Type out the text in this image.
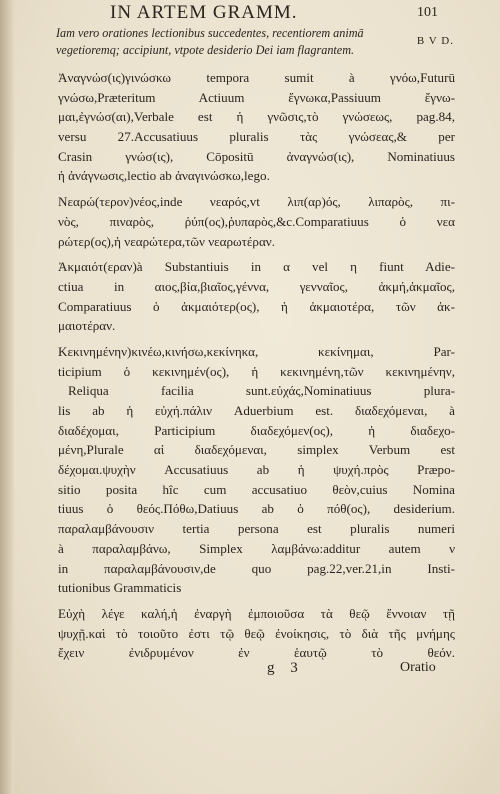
IN ARTEM GRAMM.	101
Iam vero orationes lectionibus succedentes, recentiorem animā
vegetioremq; accipiunt, vtpote desiderio Dei iam flagrantem.
B V D.
Ἀναγνώσ(ις)γινώσκω tempora sumit à γνόω,Futurū
γνώσω,Præteritum Actiuum ἔγνωκα,Passiuum ἔγνω-
μαι,ἐγνώσ(αι),Verbale est ἡ γνῶσις,τὸ γνώσεως, pag.84,
versu 27.Accusatiuus pluralis τὰς γνώσεας,& per
Crasin γνώσ(ις), Cōpositū ἀναγνώσ(ις), Nominatiuus
ἡ ἀνάγνωσις,lectio ab ἀναγινώσκω,lego.
Νεαρώ(τερον)νέος,inde νεαρός,vt λιπ(αρ)ός, λιπαρὸς, πι-
νὸς, πιναρὸς, ῥύπ(ος),ῥυπαρὸς,&c.Comparatiuus ὁ νεα
ρώτερ(ος),ἡ νεαρώτερα,τῶν νεαρωτέραν.
Ἀκμαιότ(εραν)à Substantiuis in α vel η fiunt Adie-
ctiua in αιος,βία,βιαῖος,γέννα, γενναῖος, ἀκμή,ἀκμαῖος,
Comparatiuus ὁ ἀκμαιότερ(ος), ἡ ἀκμαιοτέρα, τῶν ἀκ-
μαιοτέραν.
Κεκινημένην)κινέω,κινήσω,κεκίνηκα, κεκίνημαι, Par-
ticipium ὁ κεκινημέν(ος), ἡ κεκινημένη,τῶν κεκινημένην,
Reliqua facilia sunt.εὐχάς,Nominatiuus plura-
lis ab ἡ εὐχή.πάλιν Aduerbium est. διαδεχόμεναι, à
διαδέχομαι, Participium διαδεχόμεν(ος), ἡ διαδεχο-
μένη,Plurale αἱ διαδεχόμεναι, simplex Verbum est
δέχομαι.ψυχὴν Accusatiuus ab ἡ ψυχή.πρὸς Præpo-
sitio posita hîc cum accusatiuo θεὸν,cuius Nomina
tiuus ὁ θεός.Πόθω,Datiuus ab ὁ πόθ(ος), desiderium.
παραλαμβάνουσιν tertia persona est pluralis numeri
à παραλαμβάνω, Simplex λαμβάνω:additur autem ν
in παραλαμβάνουσιν,de quo pag.22,ver.21,in Insti-
tutionibus Grammaticis
Εὐχὴ λέγε καλή,ἡ ἐναργὴ ἐμποιοῦσα τὰ θεῷ ἔννοιαν τῇ
ψυχῇ.καὶ τὸ τοιοῦτο ἐστι τῷ θεῷ ἐνοίκησις, τὸ διὰ τῆς μνήμης
ἔχειν ἐνιδρυμένον ἐν ἑαυτῷ τὸ θεόν.
g 3	Oratio
